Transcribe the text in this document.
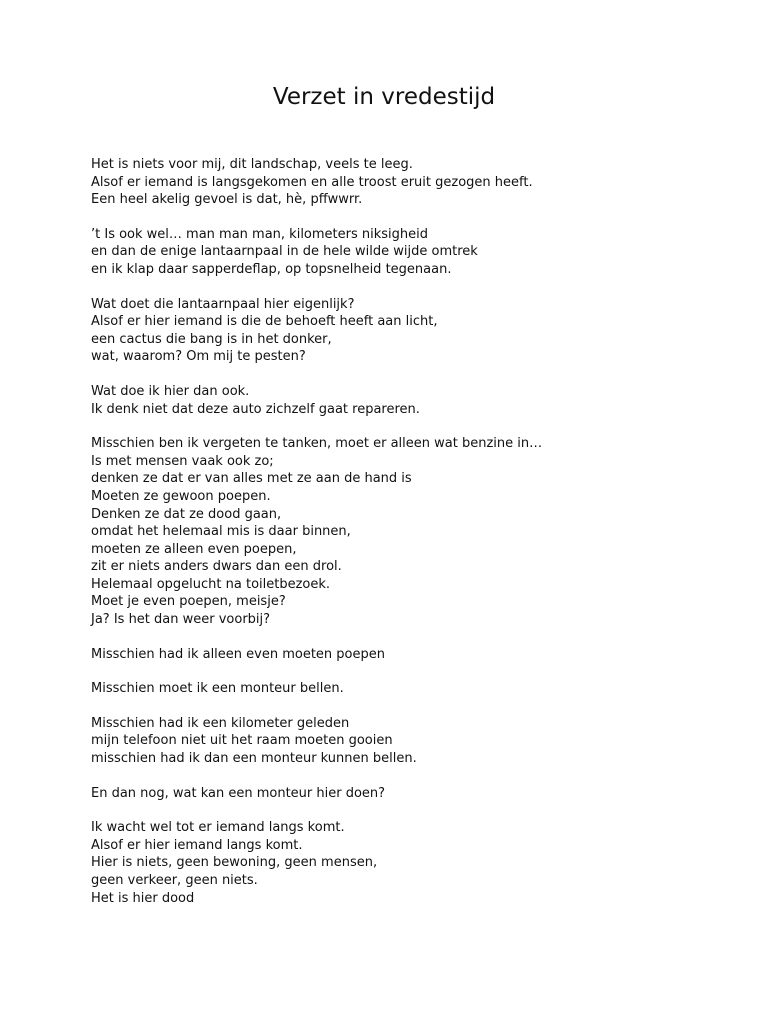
Verzet in vredestijd
Het is niets voor mij, dit landschap, veels te leeg.
Alsof er iemand is langsgekomen en alle troost eruit gezogen heeft.
Een heel akelig gevoel is dat, hè, pffwwrr.
’t Is ook wel… man man man, kilometers niksigheid
en dan de enige lantaarnpaal in de hele wilde wijde omtrek
en ik klap daar sapperdeflap, op topsnelheid tegenaan.
Wat doet die lantaarnpaal hier eigenlijk?
Alsof er hier iemand is die de behoeft heeft aan licht,
een cactus die bang is in het donker,
wat, waarom? Om mij te pesten?
Wat doe ik hier dan ook.
Ik denk niet dat deze auto zichzelf gaat repareren.
Misschien ben ik vergeten te tanken, moet er alleen wat benzine in…
Is met mensen vaak ook zo;
denken ze dat er van alles met ze aan de hand is
Moeten ze gewoon poepen.
Denken ze dat ze dood gaan,
omdat het helemaal mis is daar binnen,
moeten ze alleen even poepen,
zit er niets anders dwars dan een drol.
Helemaal opgelucht na toiletbezoek.
Moet je even poepen, meisje?
Ja? Is het dan weer voorbij?
Misschien had ik alleen even moeten poepen
Misschien moet ik een monteur bellen.
Misschien had ik een kilometer geleden
mijn telefoon niet uit het raam moeten gooien
misschien had ik dan een monteur kunnen bellen.
En dan nog, wat kan een monteur hier doen?
Ik wacht wel tot er iemand langs komt.
Alsof er hier iemand langs komt.
Hier is niets, geen bewoning, geen mensen,
geen verkeer, geen niets.
Het is hier dood
